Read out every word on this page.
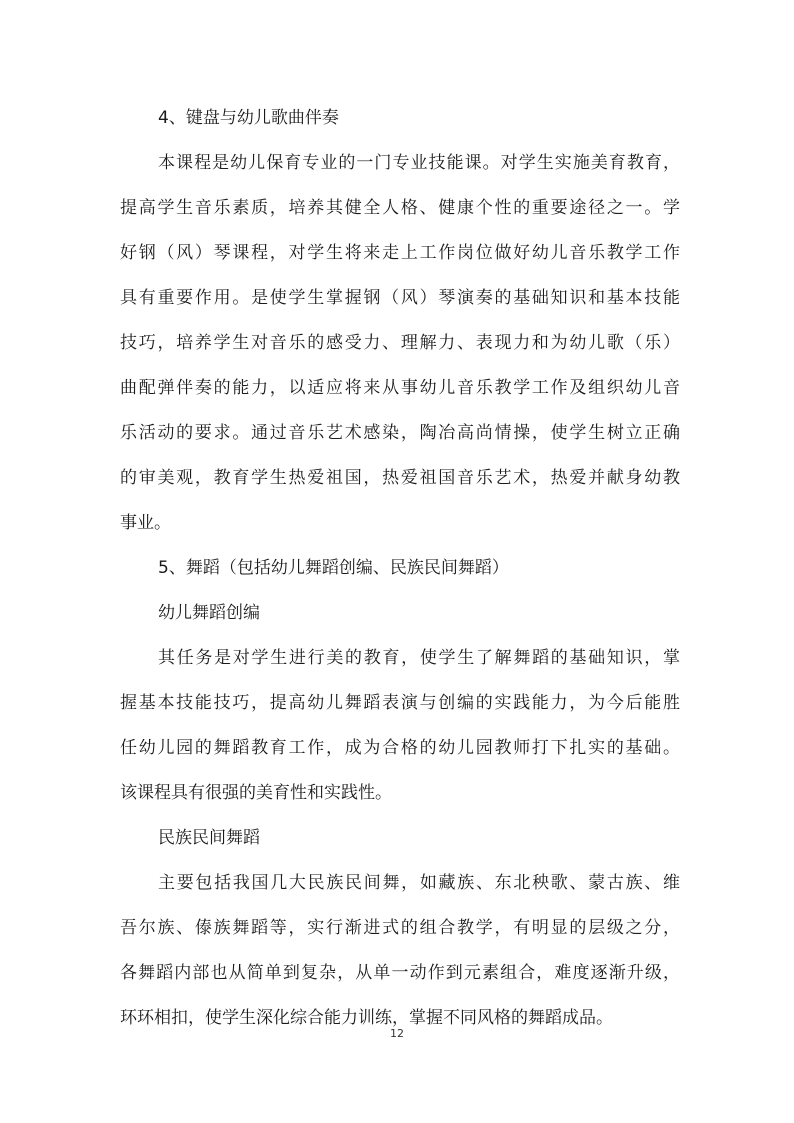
4、键盘与幼儿歌曲伴奏
本课程是幼儿保育专业的一门专业技能课。对学生实施美育教育，
提高学生音乐素质，培养其健全人格、健康个性的重要途径之一。学
好钢（风）琴课程，对学生将来走上工作岗位做好幼儿音乐教学工作
具有重要作用。是使学生掌握钢（风）琴演奏的基础知识和基本技能
技巧，培养学生对音乐的感受力、理解力、表现力和为幼儿歌（乐）
曲配弹伴奏的能力，以适应将来从事幼儿音乐教学工作及组织幼儿音
乐活动的要求。通过音乐艺术感染，陶冶高尚情操，使学生树立正确
的审美观，教育学生热爱祖国，热爱祖国音乐艺术，热爱并献身幼教
事业。
5、舞蹈（包括幼儿舞蹈创编、民族民间舞蹈）
幼儿舞蹈创编
其任务是对学生进行美的教育，使学生了解舞蹈的基础知识，掌
握基本技能技巧，提高幼儿舞蹈表演与创编的实践能力，为今后能胜
任幼儿园的舞蹈教育工作，成为合格的幼儿园教师打下扎实的基础。
该课程具有很强的美育性和实践性。
民族民间舞蹈
主要包括我国几大民族民间舞，如藏族、东北秧歌、蒙古族、维
吾尔族、傣族舞蹈等，实行渐进式的组合教学，有明显的层级之分，
各舞蹈内部也从简单到复杂，从单一动作到元素组合，难度逐渐升级，
环环相扣，使学生深化综合能力训练，掌握不同风格的舞蹈成品。
12
